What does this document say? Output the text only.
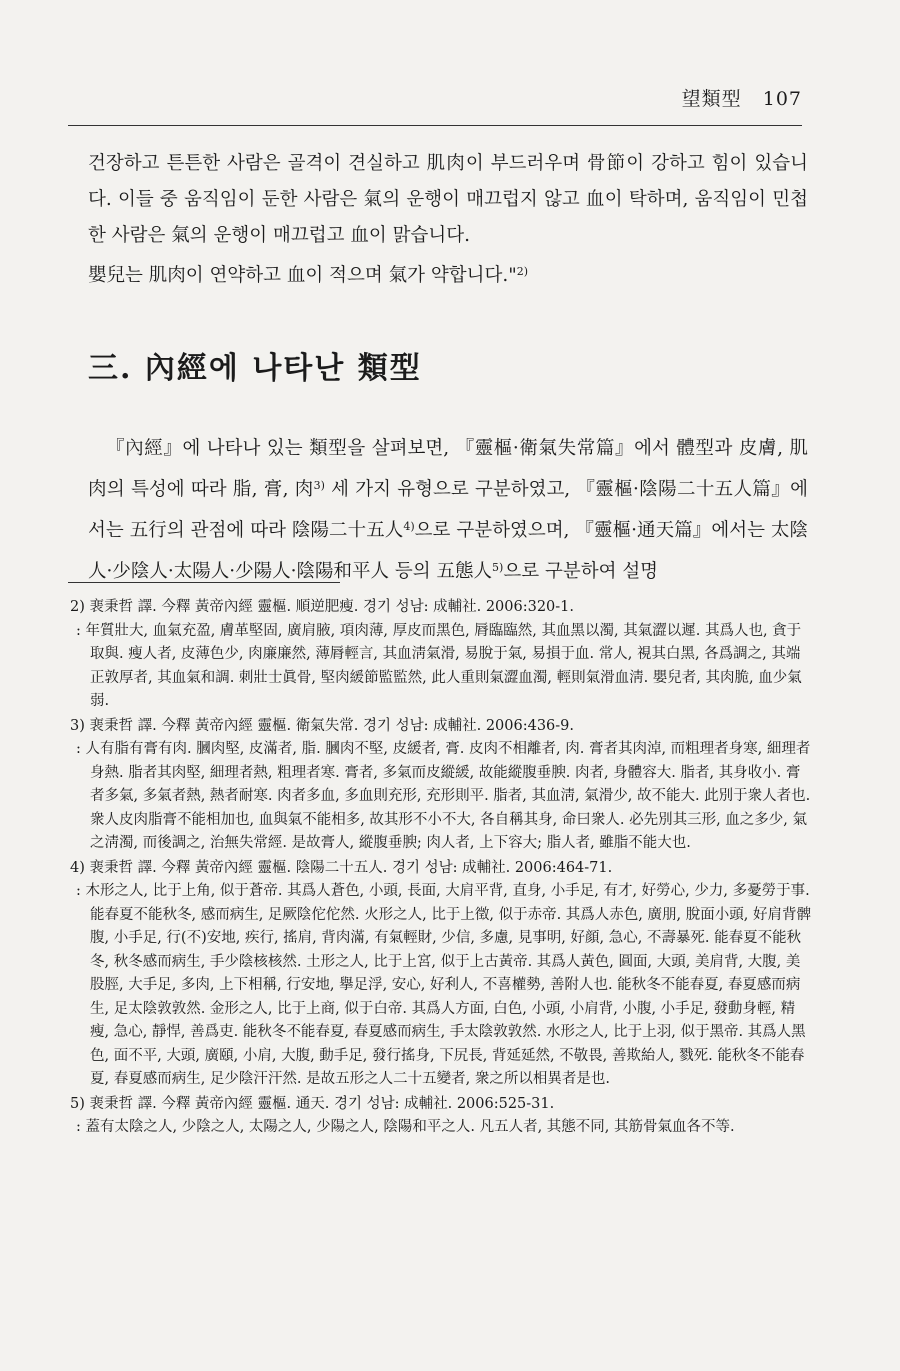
望類型 107

건장하고 튼튼한 사람은 골격이 견실하고 肌肉이 부드러우며 骨節이 강하고 힘이 있습니다. 이들 중 움직임이 둔한 사람은 氣의 운행이 매끄럽지 않고 血이 탁하며, 움직임이 민첩한 사람은 氣의 운행이 매끄럽고 血이 맑습니다.

嬰兒는 肌肉이 연약하고 血이 적으며 氣가 약합니다."$^{2)}$

三. 內經에 나타난 類型

『內經』에 나타나 있는 類型을 살펴보면, 『靈樞·衛氣失常篇』에서 體型과 皮膚, 肌肉의 특성에 따라 脂, 膏, 肉$^{3)}$ 세 가지 유형으로 구분하였고, 『靈樞·陰陽二十五人篇』에서는 五行의 관점에 따라 陰陽二十五人$^{4)}$으로 구분하였으며, 『靈樞·通天篇』에서는 太陰人·少陰人·太陽人·少陽人·陰陽和平人 등의 五態人$^{5)}$으로 구분하여 설명

2) 裵秉哲 譯. 今釋 黃帝內經 靈樞. 順逆肥瘦. 경기 성남: 成輔社. 2006:320-1.
: 年質壯大, 血氣充盈, 膚革堅固, 廣肩腋, 項肉薄, 厚皮而黑色, 脣臨臨然, 其血黑以濁, 其氣澀以遲. 其爲人也, 貪于取與. 瘦人者, 皮薄色少, 肉廉廉然, 薄脣輕言, 其血淸氣滑, 易脫于氣, 易損于血. 常人, 視其白黑, 各爲調之, 其端正敦厚者, 其血氣和調. 刺壯士眞骨, 堅肉緩節監監然, 此人重則氣澀血濁, 輕則氣滑血淸. 嬰兒者, 其肉脆, 血少氣弱.
3) 裵秉哲 譯. 今釋 黃帝內經 靈樞. 衛氣失常. 경기 성남: 成輔社. 2006:436-9.
: 人有脂有膏有肉. 膕肉堅, 皮滿者, 脂. 膕肉不堅, 皮緩者, 膏. 皮肉不相離者, 肉. 膏者其肉淖, 而粗理者身寒, 細理者身熱. 脂者其肉堅, 細理者熱, 粗理者寒. 膏者, 多氣而皮縱緩, 故能縱腹垂腴. 肉者, 身體容大. 脂者, 其身收小. 膏者多氣, 多氣者熱, 熱者耐寒. 肉者多血, 多血則充形, 充形則平. 脂者, 其血淸, 氣滑少, 故不能大. 此別于衆人者也. 衆人皮肉脂膏不能相加也, 血與氣不能相多, 故其形不小不大, 各自稱其身, 命曰衆人. 必先別其三形, 血之多少, 氣之淸濁, 而後調之, 治無失常經. 是故膏人, 縱腹垂腴; 肉人者, 上下容大; 脂人者, 雖脂不能大也.
4) 裵秉哲 譯. 今釋 黃帝內經 靈樞. 陰陽二十五人. 경기 성남: 成輔社. 2006:464-71.
: 木形之人, 比于上角, 似于蒼帝. 其爲人蒼色, 小頭, 長面, 大肩平背, 直身, 小手足, 有才, 好勞心, 少力, 多憂勞于事. 能春夏不能秋冬, 感而病生, 足厥陰佗佗然. 火形之人, 比于上徵, 似于赤帝. 其爲人赤色, 廣朋, 脫面小頭, 好肩背髀腹, 小手足, 行(不)安地, 疾行, 搖肩, 背肉滿, 有氣輕財, 少信, 多慮, 見事明, 好顔, 急心, 不壽暴死. 能春夏不能秋冬, 秋冬感而病生, 手少陰核核然. 土形之人, 比于上宮, 似于上古黃帝. 其爲人黃色, 圓面, 大頭, 美肩背, 大腹, 美股脛, 大手足, 多肉, 上下相稱, 行安地, 擧足浮, 安心, 好利人, 不喜權勢, 善附人也. 能秋冬不能春夏, 春夏感而病生, 足太陰敦敦然. 金形之人, 比于上商, 似于白帝. 其爲人方面, 白色, 小頭, 小肩背, 小腹, 小手足, 發動身輕, 精瘦, 急心, 靜悍, 善爲吏. 能秋冬不能春夏, 春夏感而病生, 手太陰敦敦然. 水形之人, 比于上羽, 似于黑帝. 其爲人黑色, 面不平, 大頭, 廣頤, 小肩, 大腹, 動手足, 發行搖身, 下尻長, 背延延然, 不敬畏, 善欺紿人, 戮死. 能秋冬不能春夏, 春夏感而病生, 足少陰汗汗然. 是故五形之人二十五變者, 衆之所以相異者是也.
5) 裵秉哲 譯. 今釋 黃帝內經 靈樞. 通天. 경기 성남: 成輔社. 2006:525-31.
: 蓋有太陰之人, 少陰之人, 太陽之人, 少陽之人, 陰陽和平之人. 凡五人者, 其態不同, 其筋骨氣血各不等.
